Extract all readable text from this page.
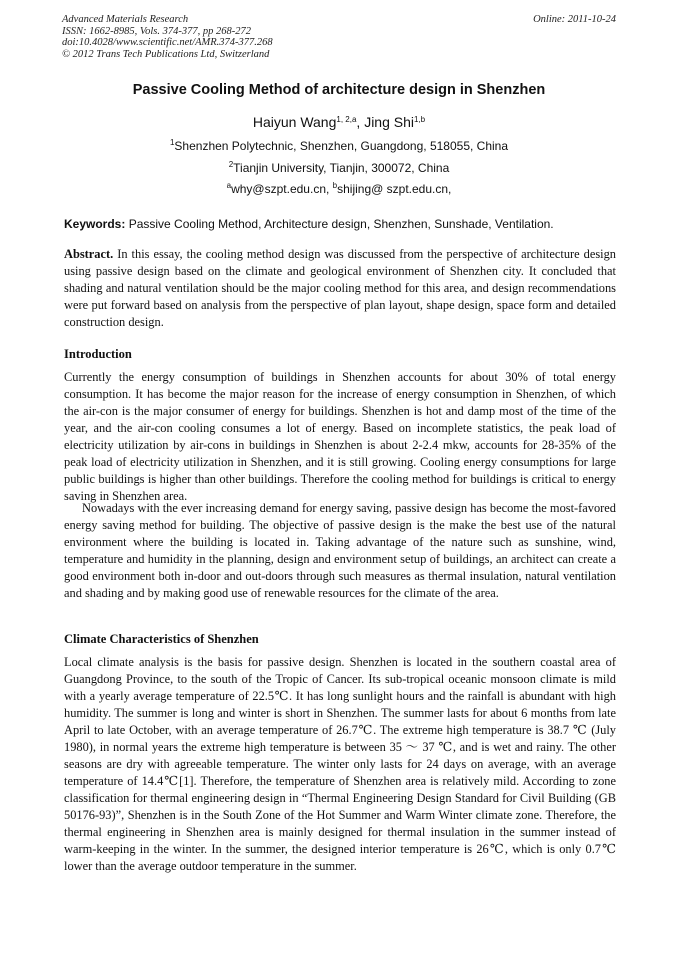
Advanced Materials Research
ISSN: 1662-8985, Vols. 374-377, pp 268-272
doi:10.4028/www.scientific.net/AMR.374-377.268
© 2012 Trans Tech Publications Ltd, Switzerland
Online: 2011-10-24
Passive Cooling Method of architecture design in Shenzhen
Haiyun Wang$^{1, 2,a}$, Jing Shi$^{1,b}$
$^1$Shenzhen Polytechnic, Shenzhen, Guangdong, 518055, China
$^2$Tianjin University, Tianjin, 300072, China
$^a$why@szpt.edu.cn, $^b$shijing@ szpt.edu.cn,
Keywords: Passive Cooling Method, Architecture design, Shenzhen, Sunshade, Ventilation.

Abstract. In this essay, the cooling method design was discussed from the perspective of architecture design using passive design based on the climate and geological environment of Shenzhen city. It concluded that shading and natural ventilation should be the major cooling method for this area, and design recommendations were put forward based on analysis from the perspective of plan layout, shape design, space form and detailed construction design.

Introduction

Currently the energy consumption of buildings in Shenzhen accounts for about 30% of total energy consumption. It has become the major reason for the increase of energy consumption in Shenzhen, of which the air-con is the major consumer of energy for buildings. Shenzhen is hot and damp most of the time of the year, and the air-con cooling consumes a lot of energy. Based on incomplete statistics, the peak load of electricity utilization by air-cons in buildings in Shenzhen is about 2-2.4 mkw, accounts for 28-35% of the peak load of electricity utilization in Shenzhen, and it is still growing. Cooling energy consumptions for large public buildings is higher than other buildings. Therefore the cooling method for buildings is critical to energy saving in Shenzhen area.

Nowadays with the ever increasing demand for energy saving, passive design has become the most-favored energy saving method for building. The objective of passive design is the make the best use of the natural environment where the building is located in. Taking advantage of the nature such as sunshine, wind, temperature and humidity in the planning, design and environment setup of buildings, an architect can create a good environment both in-door and out-doors through such measures as thermal insulation, natural ventilation and shading and by making good use of renewable resources for the climate of the area.

Climate Characteristics of Shenzhen

Local climate analysis is the basis for passive design. Shenzhen is located in the southern coastal area of Guangdong Province, to the south of the Tropic of Cancer. Its sub-tropical oceanic monsoon climate is mild with a yearly average temperature of 22.5℃. It has long sunlight hours and the rainfall is abundant with high humidity. The summer is long and winter is short in Shenzhen. The summer lasts for about 6 months from late April to late October, with an average temperature of 26.7℃. The extreme high temperature is 38.7 ℃ (July 1980), in normal years the extreme high temperature is between 35 ～ 37 ℃, and is wet and rainy. The other seasons are dry with agreeable temperature. The winter only lasts for 24 days on average, with an average temperature of 14.4℃[1]. Therefore, the temperature of Shenzhen area is relatively mild. According to zone classification for thermal engineering design in “Thermal Engineering Design Standard for Civil Building (GB 50176-93)”, Shenzhen is in the South Zone of the Hot Summer and Warm Winter climate zone. Therefore, the thermal engineering in Shenzhen area is mainly designed for thermal insulation in the summer instead of warm-keeping in the winter. In the summer, the designed interior temperature is 26℃, which is only 0.7℃ lower than the average outdoor temperature in the summer.
